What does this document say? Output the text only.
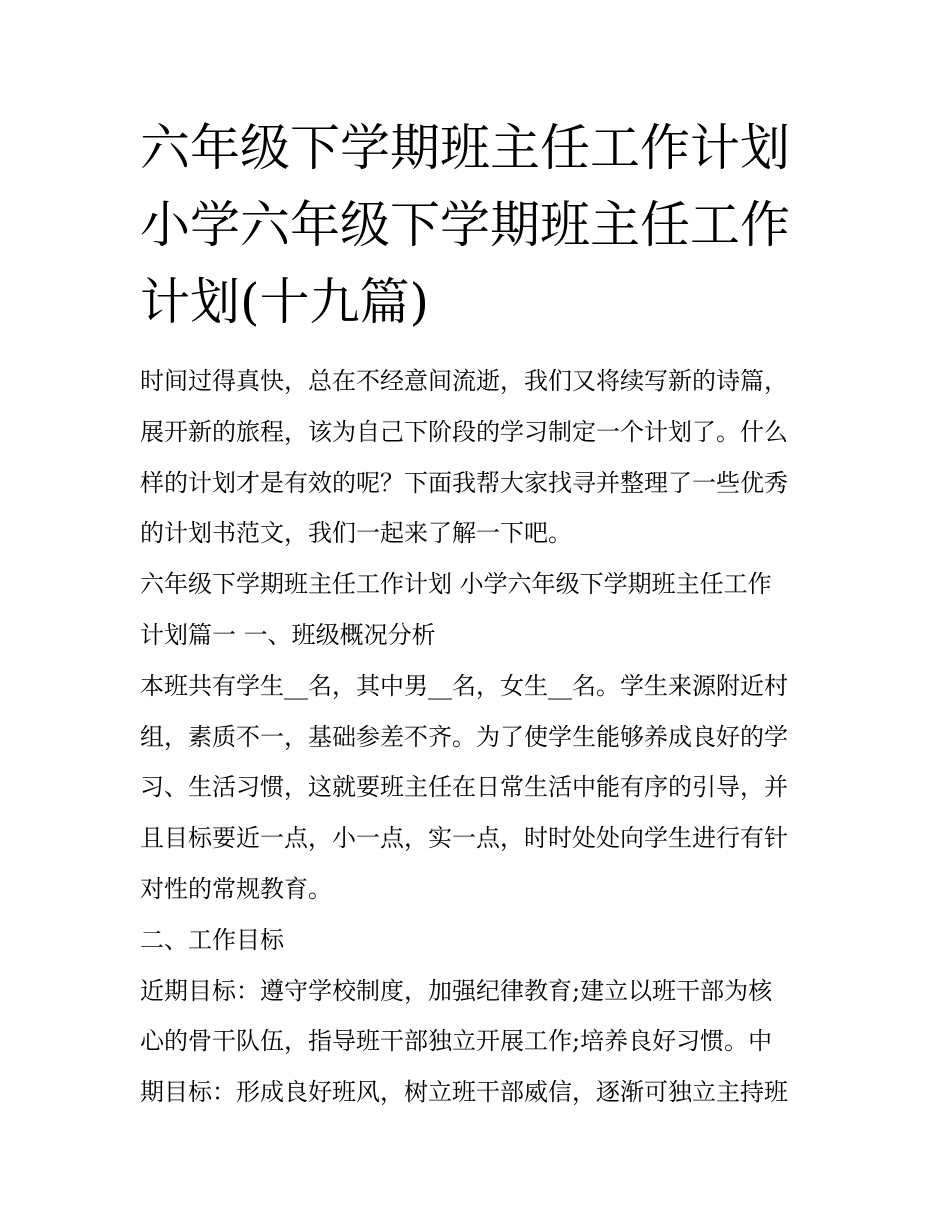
六年级下学期班主任工作计划
小学六年级下学期班主任工作
计划(十九篇)
时间过得真快，总在不经意间流逝，我们又将续写新的诗篇，
展开新的旅程，该为自己下阶段的学习制定一个计划了。什么
样的计划才是有效的呢？下面我帮大家找寻并整理了一些优秀
的计划书范文，我们一起来了解一下吧。
六年级下学期班主任工作计划 小学六年级下学期班主任工作
计划篇一 一、班级概况分析
本班共有学生__名，其中男__名，女生__名。学生来源附近村
组，素质不一，基础参差不齐。为了使学生能够养成良好的学
习、生活习惯，这就要班主任在日常生活中能有序的引导，并
且目标要近一点，小一点，实一点，时时处处向学生进行有针
对性的常规教育。
二、工作目标
近期目标：遵守学校制度，加强纪律教育;建立以班干部为核
心的骨干队伍，指导班干部独立开展工作;培养良好习惯。中
期目标：形成良好班风，树立班干部威信，逐渐可独立主持班
